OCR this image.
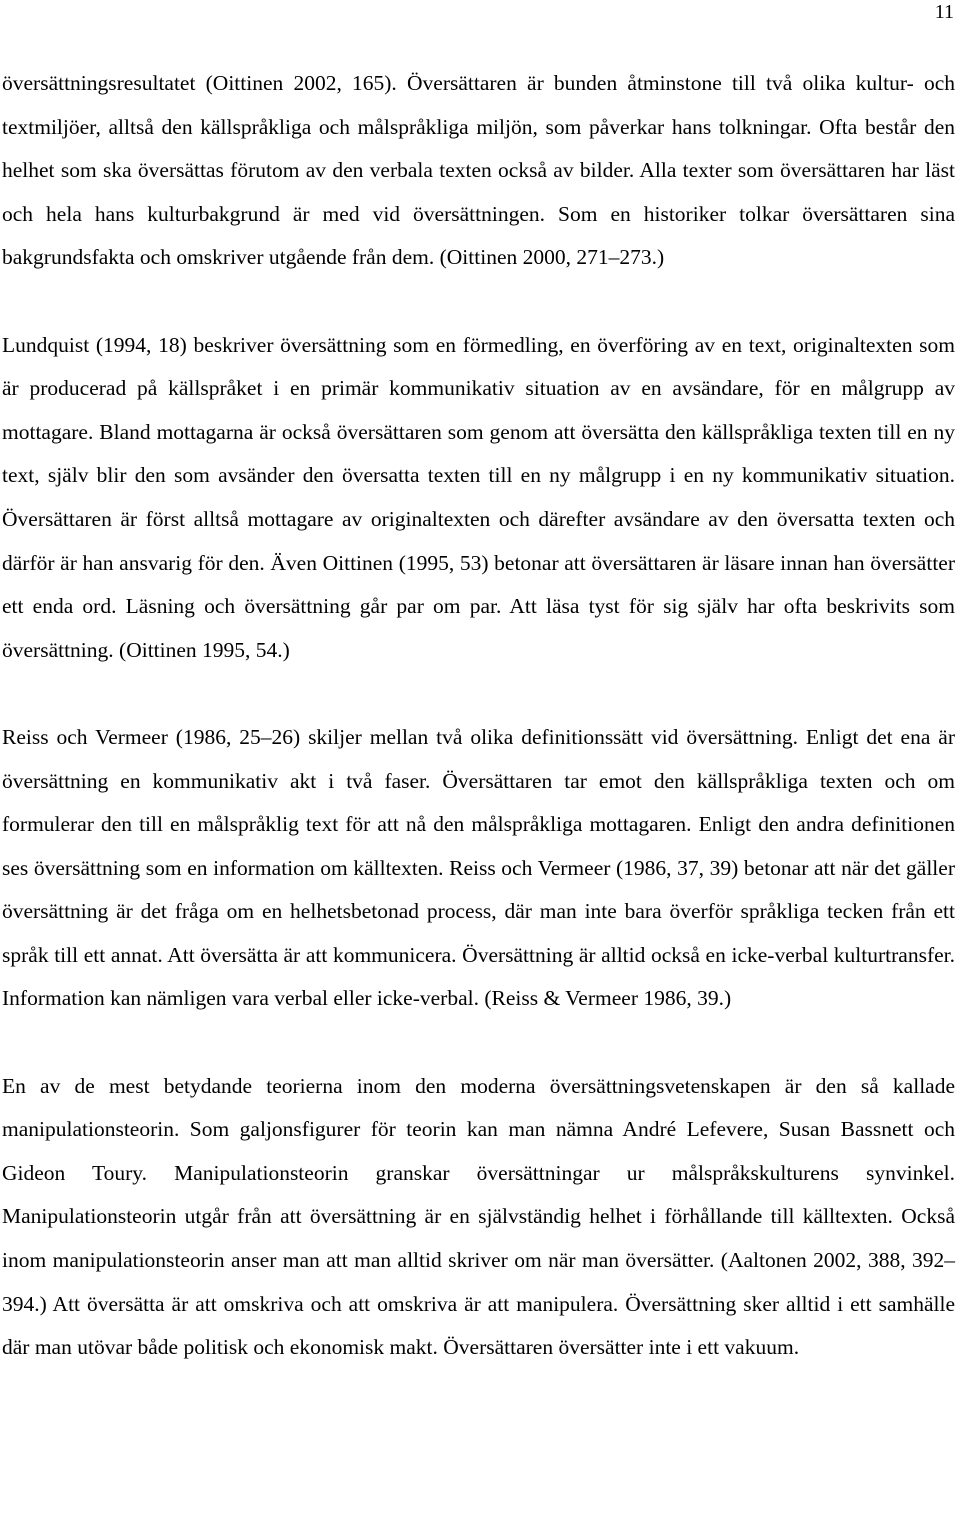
11

översättningsresultatet (Oittinen 2002, 165). Översättaren är bunden åtminstone till två olika kultur- och textmiljöer, alltså den källspråkliga och målspråkliga miljön, som påverkar hans tolkningar. Ofta består den helhet som ska översättas förutom av den verbala texten också av bilder. Alla texter som översättaren har läst och hela hans kulturbakgrund är med vid översättningen. Som en historiker tolkar översättaren sina bakgrundsfakta och omskriver utgående från dem. (Oittinen 2000, 271–273.)

Lundquist (1994, 18) beskriver översättning som en förmedling, en överföring av en text, originaltexten som är producerad på källspråket i en primär kommunikativ situation av en avsändare, för en målgrupp av mottagare. Bland mottagarna är också översättaren som genom att översätta den källspråkliga texten till en ny text, själv blir den som avsänder den översatta texten till en ny målgrupp i en ny kommunikativ situation. Översättaren är först alltså mottagare av originaltexten och därefter avsändare av den översatta texten och därför är han ansvarig för den. Även Oittinen (1995, 53) betonar att översättaren är läsare innan han översätter ett enda ord. Läsning och översättning går par om par. Att läsa tyst för sig själv har ofta beskrivits som översättning. (Oittinen 1995, 54.)

Reiss och Vermeer (1986, 25–26) skiljer mellan två olika definitionssätt vid översättning. Enligt det ena är översättning en kommunikativ akt i två faser. Översättaren tar emot den källspråkliga texten och om formulerar den till en målspråklig text för att nå den målspråkliga mottagaren. Enligt den andra definitionen ses översättning som en information om källtexten. Reiss och Vermeer (1986, 37, 39) betonar att när det gäller översättning är det fråga om en helhetsbetonad process, där man inte bara överför språkliga tecken från ett språk till ett annat. Att översätta är att kommunicera. Översättning är alltid också en icke-verbal kulturtransfer. Information kan nämligen vara verbal eller icke-verbal. (Reiss & Vermeer 1986, 39.)

En av de mest betydande teorierna inom den moderna översättningsvetenskapen är den så kallade manipulationsteorin. Som galjonsfigurer för teorin kan man nämna André Lefevere, Susan Bassnett och Gideon Toury. Manipulationsteorin granskar översättningar ur målspråkskulturens synvinkel. Manipulationsteorin utgår från att översättning är en självständig helhet i förhållande till källtexten. Också inom manipulationsteorin anser man att man alltid skriver om när man översätter. (Aaltonen 2002, 388, 392–394.) Att översätta är att omskriva och att omskriva är att manipulera. Översättning sker alltid i ett samhälle där man utövar både politisk och ekonomisk makt. Översättaren översätter inte i ett vakuum.
